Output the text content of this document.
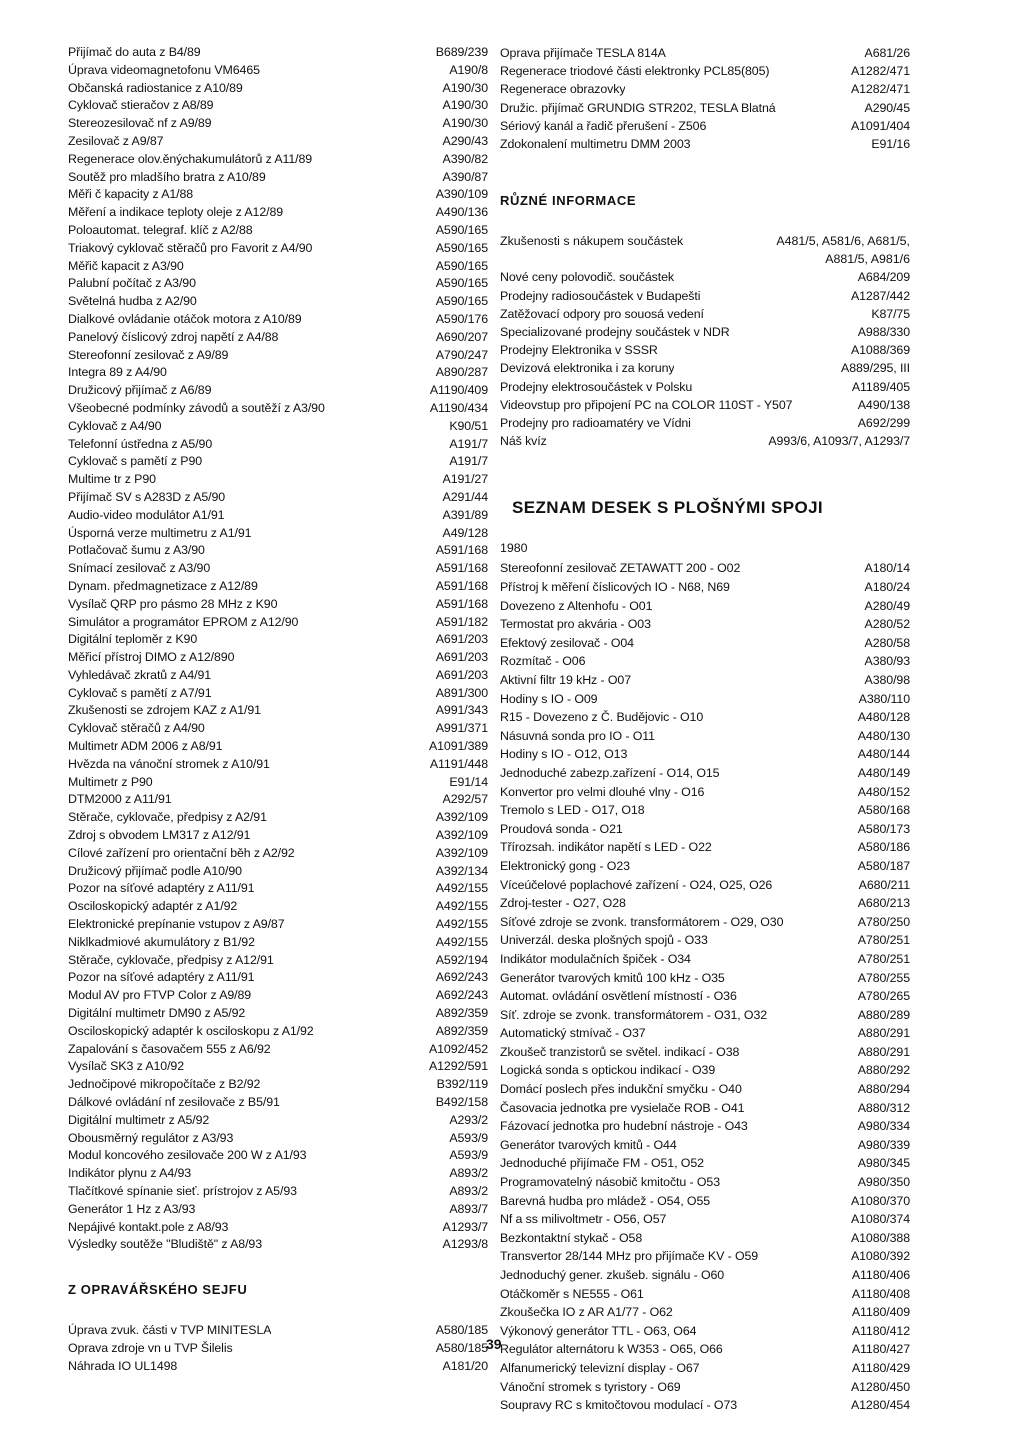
Přijímač do auta z B4/89	B689/239
Úprava videomagnetofonu VM6465	A190/8
Občanská radiostanice z A10/89	A190/30
Cyklovač stieračov z A8/89	A190/30
Stereozesilovač nf z A9/89	A190/30
Zesilovač z A9/87	A290/43
Regenerace olov.ěnýchakumulátorů z A11/89	A390/82
Soutěž pro mladšího bratra z A10/89	A390/87
Měři č kapacity z A1/88	A390/109
Měření a indikace teploty oleje z A12/89	A490/136
Poloautomat. telegraf. klíč z A2/88	A590/165
Triakový cyklovač stěračů pro Favorit z A4/90	A590/165
Měřič kapacit z A3/90	A590/165
Palubní počítač z A3/90	A590/165
Světelná hudba z A2/90	A590/165
Dialkové ovládanie otáčok motora z A10/89	A590/176
Panelový číslicový zdroj napětí z A4/88	A690/207
Stereofonní zesilovač z A9/89	A790/247
Integra 89 z A4/90	A890/287
Družicový přijímač z A6/89	A1190/409
Všeobecné podmínky závodů a soutěží z A3/90	A1190/434
Cyklovač z A4/90	K90/51
Telefonní ústředna z A5/90	A191/7
Cyklovač s pamětí z P90	A191/7
Multime tr z P90	A191/27
Přijímač SV s A283D z A5/90	A291/44
Audio-video modulátor A1/91	A391/89
Úsporná verze multimetru z A1/91	A49/128
Potlačovač šumu z A3/90	A591/168
Snímací zesilovač z A3/90	A591/168
Dynam. předmagnetizace z A12/89	A591/168
Vysílač QRP pro pásmo 28 MHz z K90	A591/168
Simulátor a programátor EPROM z A12/90	A591/182
Digitální teploměr z K90	A691/203
Měřicí přístroj DIMO z A12/890	A691/203
Vyhledávač zkratů z A4/91	A691/203
Cyklovač s pamětí z A7/91	A891/300
Zkušenosti se zdrojem KAZ z A1/91	A991/343
Cyklovač stěračů z A4/90	A991/371
Multimetr ADM 2006 z A8/91	A1091/389
Hvězda na vánoční stromek z A10/91	A1191/448
Multimetr z P90	E91/14
DTM2000 z A11/91	A292/57
Stěrače, cyklovače, předpisy z A2/91	A392/109
Zdroj s obvodem LM317 z A12/91	A392/109
Cílové zařízení pro orientační běh z A2/92	A392/109
Družicový přijímač podle A10/90	A392/134
Pozor na síťové adaptéry z A11/91	A492/155
Osciloskopický adaptér z A1/92	A492/155
Elektronické prepínanie vstupov z A9/87	A492/155
Niklkadmiové akumulátory z B1/92	A492/155
Stěrače, cyklovače, předpisy z A12/91	A592/194
Pozor na síťové adaptéry z A11/91	A692/243
Modul AV pro FTVP Color z A9/89	A692/243
Digitální multimetr DM90 z A5/92	A892/359
Osciloskopický adaptér k osciloskopu z A1/92	A892/359
Zapalování s časovačem 555 z A6/92	A1092/452
Vysílač SK3 z A10/92	A1292/591
Jednočipové mikropočítače z B2/92	B392/119
Dálkové ovládání nf zesilovače z B5/91	B492/158
Digitální multimetr z A5/92	A293/2
Obousměrný regulátor z A3/93	A593/9
Modul koncového zesilovače 200 W z A1/93	A593/9
Indikátor plynu z A4/93	A893/2
Tlačítkové spínanie sieť. prístrojov z A5/93	A893/2
Generátor 1 Hz z A3/93	A893/7
Nepájivé kontakt.pole z A8/93	A1293/7
Výsledky soutěže "Bludiště" z A8/93	A1293/8
Z OPRAVÁŘSKÉHO SEJFU
Úprava zvuk. části v TVP MINITESLA	A580/185
Oprava zdroje vn u TVP Šilelis	A580/185
Náhrada IO UL1498	A181/20
Oprava přijímače TESLA 814A	A681/26
Regenerace triodové části elektronky PCL85(805)	A1282/471
Regenerace obrazovky	A1282/471
Družic. přijímač GRUNDIG STR202, TESLA Blatná	A290/45
Sériový kanál a řadič přerušení - Z506	A1091/404
Zdokonalení multimetru DMM 2003	E91/16
RŮZNÉ INFORMACE
Zkušenosti s nákupem součástek	A481/5, A581/6, A681/5,
A881/5, A981/6
Nové ceny polovodič. součástek	A684/209
Prodejny radiosoučástek v Budapešti	A1287/442
Zatěžovací odpory pro souosá vedení	K87/75
Specializované prodejny součástek v NDR	A988/330
Prodejny Elektronika v SSSR	A1088/369
Devizová elektronika i za koruny	A889/295, III
Prodejny elektrosoučástek v Polsku	A1189/405
Videovstup pro připojení PC na COLOR 110ST - Y507	A490/138
Prodejny pro radioamatéry ve Vídni	A692/299
Náš kvíz	A993/6, A1093/7, A1293/7
SEZNAM DESEK S PLOŠNÝMI SPOJI
1980
Stereofonní zesilovač ZETAWATT 200 - O02	A180/14
Přístroj k měření číslicových IO - N68, N69	A180/24
Dovezeno z Altenhofu - O01	A280/49
Termostat pro akvária - O03	A280/52
Efektový zesilovač - O04	A280/58
Rozmítač - O06	A380/93
Aktivní filtr 19 kHz - O07	A380/98
Hodiny s IO - O09	A380/110
R15 - Dovezeno z Č. Budějovic - O10	A480/128
Násuvná sonda pro IO - O11	A480/130
Hodiny s IO - O12, O13	A480/144
Jednoduché zabezp.zařízení - O14, O15	A480/149
Konvertor pro velmi dlouhé vlny - O16	A480/152
Tremolo s LED - O17, O18	A580/168
Proudová sonda - O21	A580/173
Třírozsah. indikátor napětí s LED - O22	A580/186
Elektronický gong - O23	A580/187
Víceúčelové poplachové zařízení - O24, O25, O26	A680/211
Zdroj-tester - O27, O28	A680/213
Síťové zdroje se zvonk. transformátorem - O29, O30	A780/250
Univerzál. deska plošných spojů - O33	A780/251
Indikátor modulačních špiček - O34	A780/251
Generátor tvarových kmitů 100 kHz - O35	A780/255
Automat. ovládání osvětlení místností - O36	A780/265
Síť. zdroje se zvonk. transformátorem - O31, O32	A880/289
Automatický stmívač - O37	A880/291
Zkoušeč tranzistorů se světel. indikací - O38	A880/291
Logická sonda s optickou indikací - O39	A880/292
Domácí poslech přes indukční smyčku - O40	A880/294
Časovacia jednotka pre vysielače ROB - O41	A880/312
Fázovací jednotka pro hudební nástroje - O43	A980/334
Generátor tvarových kmitů - O44	A980/339
Jednoduché přijímače FM - O51, O52	A980/345
Programovatelný násobič kmitočtu - O53	A980/350
Barevná hudba pro mládež - O54, O55	A1080/370
Nf a ss milivoltmetr - O56, O57	A1080/374
Bezkontaktní stykač - O58	A1080/388
Transvertor 28/144 MHz pro přijímače KV - O59	A1080/392
Jednoduchý gener. zkušeb. signálu - O60	A1180/406
Otáčkoměr s NE555 - O61	A1180/408
Zkoušečka IO z AR A1/77 - O62	A1180/409
Výkonový generátor TTL - O63, O64	A1180/412
Regulátor alternátoru k W353 - O65, O66	A1180/427
Alfanumerický televizní display - O67	A1180/429
Vánoční stromek s tyristory - O69	A1280/450
Soupravy RC s kmitočtovou modulací - O73	A1280/454
39
